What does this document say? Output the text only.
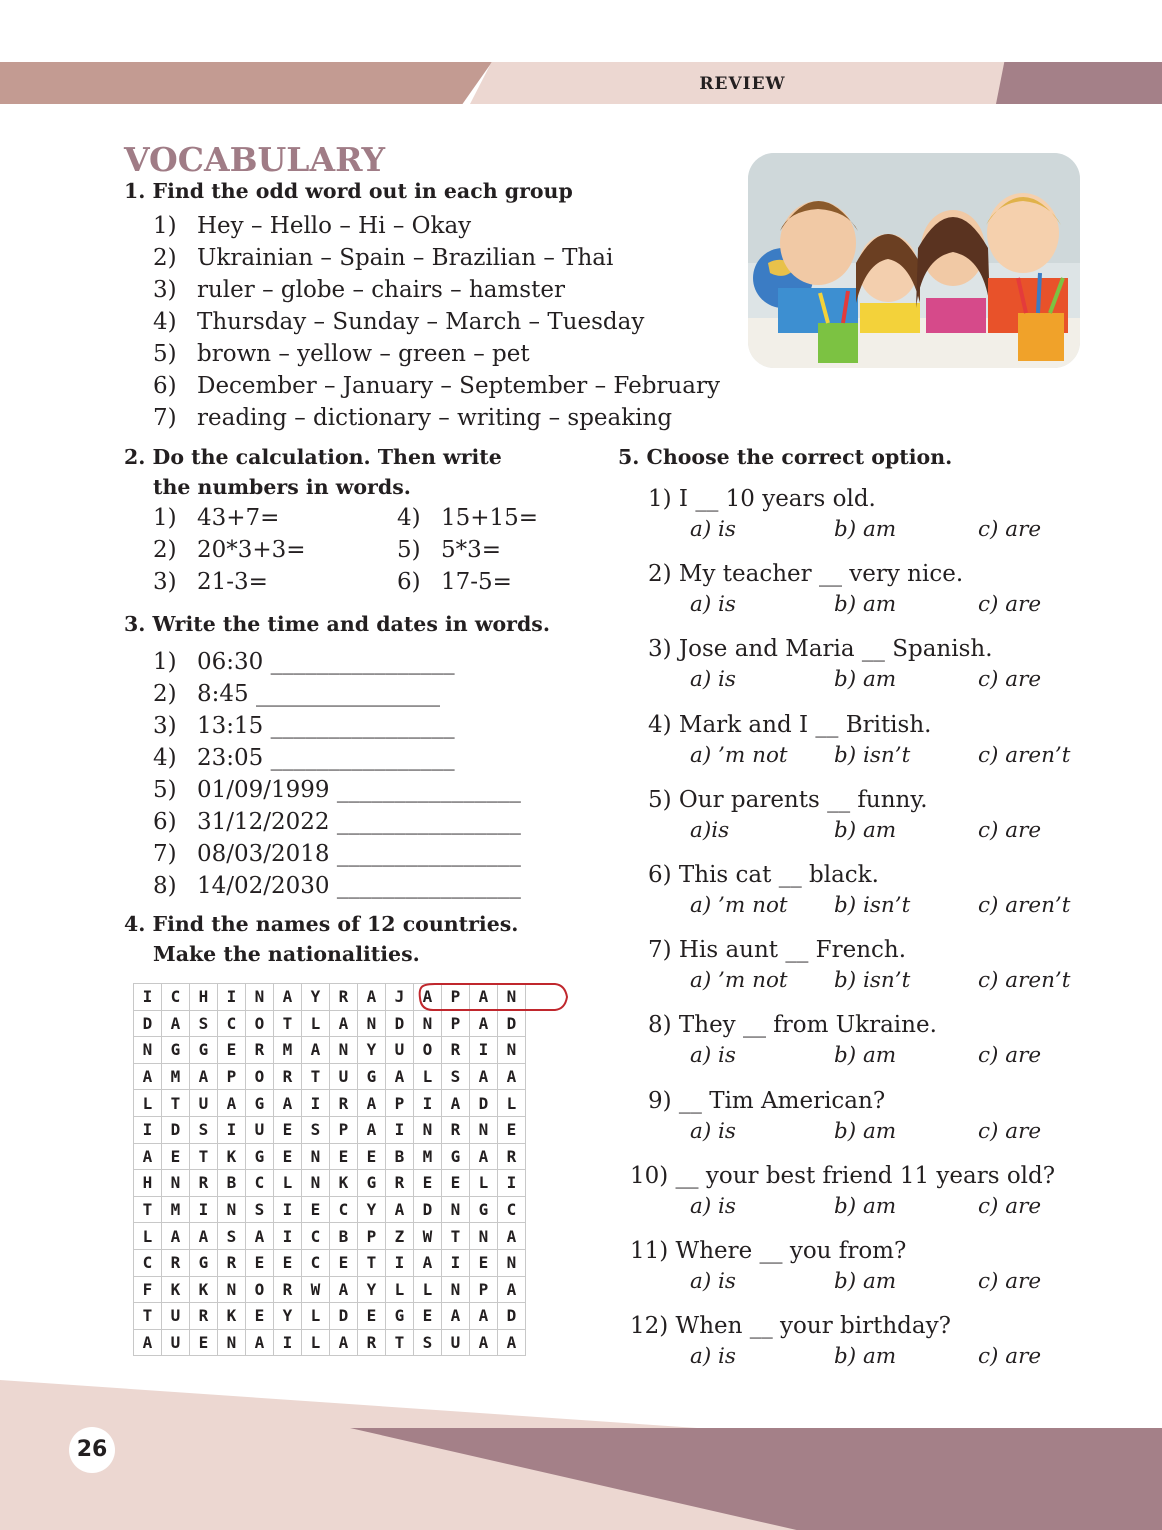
REVIEW
26
VOCABULARY
1. Find the odd word out in each group
1) Hey – Hello – Hi – Okay
2) Ukrainian – Spain – Brazilian – Thai
3) ruler – globe – chairs – hamster
4) Thursday – Sunday – March – Tuesday
5) brown – yellow – green – pet
6) December – January – September – February
7) reading – dictionary – writing – speaking
2. Do the calculation. Then write
the numbers in words.
1) 43+7=
2) 20*3+3=
3) 21-3=
4) 15+15=
5) 5*3=
6) 17-5=
3. Write the time and dates in words.
1) 06:30 ________________
2) 8:45 ________________
3) 13:15 ________________
4) 23:05 ________________
5) 01/09/1999 ________________
6) 31/12/2022 ________________
7) 08/03/2018 ________________
8) 14/02/2030 ________________
4. Find the names of 12 countries.
Make the nationalities.
I	C	H	I	N	A	Y	R	A	J	A	P	A	N
D	A	S	C	O	T	L	A	N	D	N	P	A	D
N	G	G	E	R	M	A	N	Y	U	O	R	I	N
A	M	A	P	O	R	T	U	G	A	L	S	A	A
L	T	U	A	G	A	I	R	A	P	I	A	D	L
I	D	S	I	U	E	S	P	A	I	N	R	N	E
A	E	T	K	G	E	N	E	E	B	M	G	A	R
H	N	R	B	C	L	N	K	G	R	E	E	L	I
T	M	I	N	S	I	E	C	Y	A	D	N	G	C
L	A	A	S	A	I	C	B	P	Z	W	T	N	A
C	R	G	R	E	E	C	E	T	I	A	I	E	N
F	K	K	N	O	R	W	A	Y	L	L	N	P	A
T	U	R	K	E	Y	L	D	E	G	E	A	A	D
A	U	E	N	A	I	L	A	R	T	S	U	A	A
5. Choose the correct option.
1) I __ 10 years old.
a) is	b) am	c) are
2) My teacher __ very nice.
a) is	b) am	c) are
3) Jose and Maria __ Spanish.
a) is	b) am	c) are
4) Mark and I __ British.
a) ’m not b) isn’t	c) aren’t
5) Our parents __ funny.
a)is	b) am	c) are
6) This cat __ black.
a) ’m not b) isn’t	c) aren’t
7) His aunt __ French.
a) ’m not b) isn’t	c) aren’t
8) They __ from Ukraine.
a) is	b) am	c) are
9) __ Tim American?
a) is	b) am	c) are
10) __ your best friend 11 years old?
a) is	b) am	c) are
11) Where __ you from?
a) is	b) am	c) are
12) When __ your birthday?
a) is	b) am	c) are
